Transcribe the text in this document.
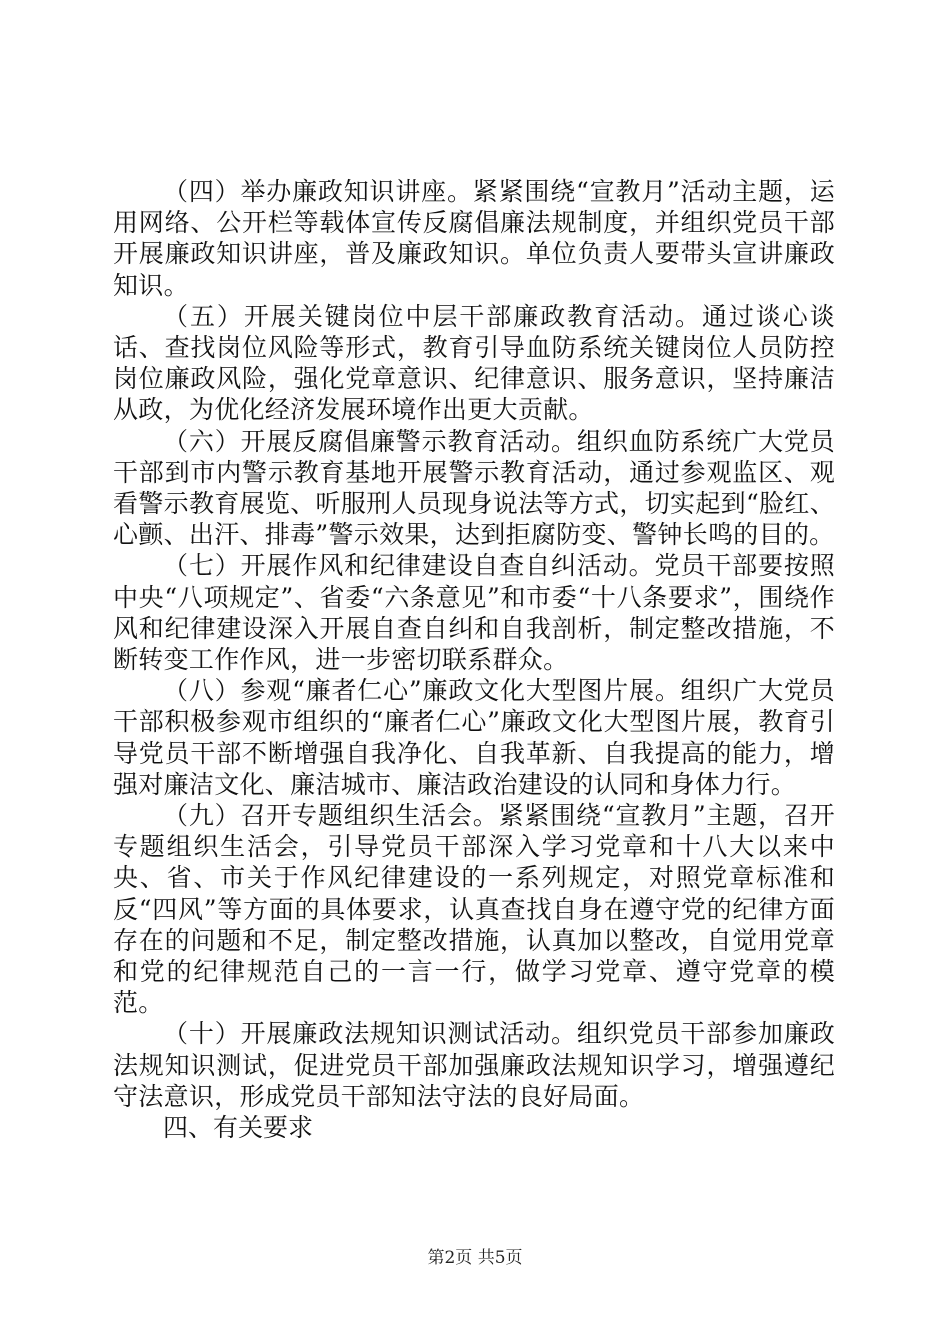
（四）举办廉政知识讲座。紧紧围绕“宣教月”活动主题，运用网络、公开栏等载体宣传反腐倡廉法规制度，并组织党员干部开展廉政知识讲座，普及廉政知识。单位负责人要带头宣讲廉政知识。

（五）开展关键岗位中层干部廉政教育活动。通过谈心谈话、查找岗位风险等形式，教育引导血防系统关键岗位人员防控岗位廉政风险，强化党章意识、纪律意识、服务意识，坚持廉洁从政，为优化经济发展环境作出更大贡献。

（六）开展反腐倡廉警示教育活动。组织血防系统广大党员干部到市内警示教育基地开展警示教育活动，通过参观监区、观看警示教育展览、听服刑人员现身说法等方式，切实起到“脸红、心颤、出汗、排毒”警示效果，达到拒腐防变、警钟长鸣的目的。

（七）开展作风和纪律建设自查自纠活动。党员干部要按照中央“八项规定”、省委“六条意见”和市委“十八条要求”，围绕作风和纪律建设深入开展自查自纠和自我剖析，制定整改措施，不断转变工作作风，进一步密切联系群众。

（八）参观“廉者仁心”廉政文化大型图片展。组织广大党员干部积极参观市组织的“廉者仁心”廉政文化大型图片展，教育引导党员干部不断增强自我净化、自我革新、自我提高的能力，增强对廉洁文化、廉洁城市、廉洁政治建设的认同和身体力行。

（九）召开专题组织生活会。紧紧围绕“宣教月”主题，召开专题组织生活会，引导党员干部深入学习党章和十八大以来中央、省、市关于作风纪律建设的一系列规定，对照党章标准和反“四风”等方面的具体要求，认真查找自身在遵守党的纪律方面存在的问题和不足，制定整改措施，认真加以整改，自觉用党章和党的纪律规范自己的一言一行，做学习党章、遵守党章的模范。

（十）开展廉政法规知识测试活动。组织党员干部参加廉政法规知识测试，促进党员干部加强廉政法规知识学习，增强遵纪守法意识，形成党员干部知法守法的良好局面。

四、有关要求

第2页 共5页
